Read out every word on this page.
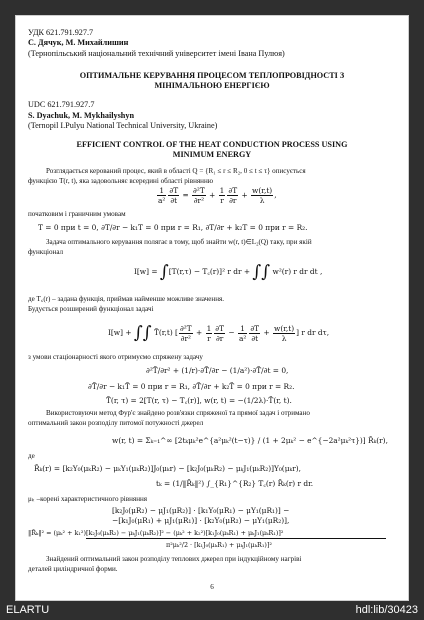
УДК 621.791.927.7
С. Дячук, М. Михайлишин
(Тернопільський національний технічний університет імені Івана Пулюя)
ОПТИМАЛЬНЕ КЕРУВАННЯ ПРОЦЕСОМ ТЕПЛОПРОВІДНОСТІ З
МІНІМАЛЬНОЮ ЕНЕРГІЄЮ
UDC 621.791.927.7
S. Dyachuk, M. Mykhailyshyn
(Ternopil I.Pulyu National Technical University, Ukraine)
EFFICIENT CONTROL OF THE HEAT CONDUCTION PROCESS USING
MINIMUM ENERGY
Розглядається керований процес, який в області Q = {R₁ ≤ r ≤ R₂, 0 ≤ t ≤ τ} описується
функцією T(r, t), яка задовольняє всередині області рівнянню
$\frac{1}{\text{a²}} \frac{\partial T}{\partial t} = \frac{\text{∂²T}}{\text{∂r²}} + \frac{1}{r} \frac{\partial T}{\partial r} + \frac{w(r,t)}{\lambda}$ ,
початковим і граничним умовам
T = 0 при t = 0, ∂T/∂r − k₁T = 0 при r = R₁, ∂T/∂r + k₂T = 0 при r = R₂.
Задача оптимального керування полягає в тому, щоб знайти w(r, t)∈L₂(Q) таку, при якій
функціонал
I[w] = ∫[T(r,τ) − T꜀(r)]² r dr + ∫∫ w²(r) r dr dt ,
де T꜀(r) – задана функція, приймав найменше можливе значення.
Будується розширений функціонал задачі
I[w] + ∫∫ T̃(r,t) [ $\frac{\text{∂²T}}{\text{∂r²}} + \frac{1}{r} \frac{\partial T}{\partial r} - \frac{1}{\text{a²}} \frac{\partial T}{\partial t} + \frac{w(r,t)}{\lambda}$ ] r dr dτ,
з умови стаціонарності якого отримуємо спряжену задачу
∂²T̃/∂r² + (1/r)·∂T̃/∂r − (1/a²)·∂T̃/∂t = 0,
∂T̃/∂r − k₁T̃ = 0 при r = R₁, ∂T̃/∂r + k₂T̃ = 0 при r = R₂.
T̃(r, τ) = 2[T(r, τ) − T꜀(r)], w(r, t) = −(1/2λ)·T̃(r, t).
Використовуючи метод Фур'є знайдено розв'язки спряженої та прямої задач і отримано
оптимальний закон розподілу питомої потужності джерел
w(r, t) = Σₖ₌₁^∞ [2tₖμₖ²e^{a²μₖ²(t−τ)} / (1 + 2μₖ² − e^{−2a²μₖ²τ})] R̄ₖ(r),
де
R̄ₖ(r) = [k₂Y₀(μₖR₂) − μₖY₁(μₖR₂)]J₀(μₖr) − [k₂J₀(μₖR₂) − μₖJ₁(μₖR₂)]Y₀(μₖr),
tₖ = (1/‖R̄ₖ‖²) ∫_{R₁}^{R₂} T꜀(r) R̄ₖ(r) r dr.
μₖ –корені характеристичного рівняння
[k₂J₀(μR₂) − μJ₁(μR₂)] · [k₁Y₀(μR₁) − μY₁(μR₁)] −
−[k₁J₀(μR₁) + μJ₁(μR₁)] · [k₂Y₀(μR₂) − μY₁(μR₂)],
‖R̄ₖ‖² = (μₖ² + k₁²)[k₂J₀(μₖR₂) − μₖJ₁(μₖR₂)]² − (μₖ² + k₂²)[k₁J₀(μₖR₁) + μₖJ₁(μₖR₁)]²
π²μₖ²/2 · [k₁J₀(μₖR₁) + μₖJ₁(μₖR₁)]²
Знайдений оптимальний закон розподілу теплових джерел при індукційному нагріві
деталей циліндричної форми.
6
ELARTU	hdl:lib/30423
